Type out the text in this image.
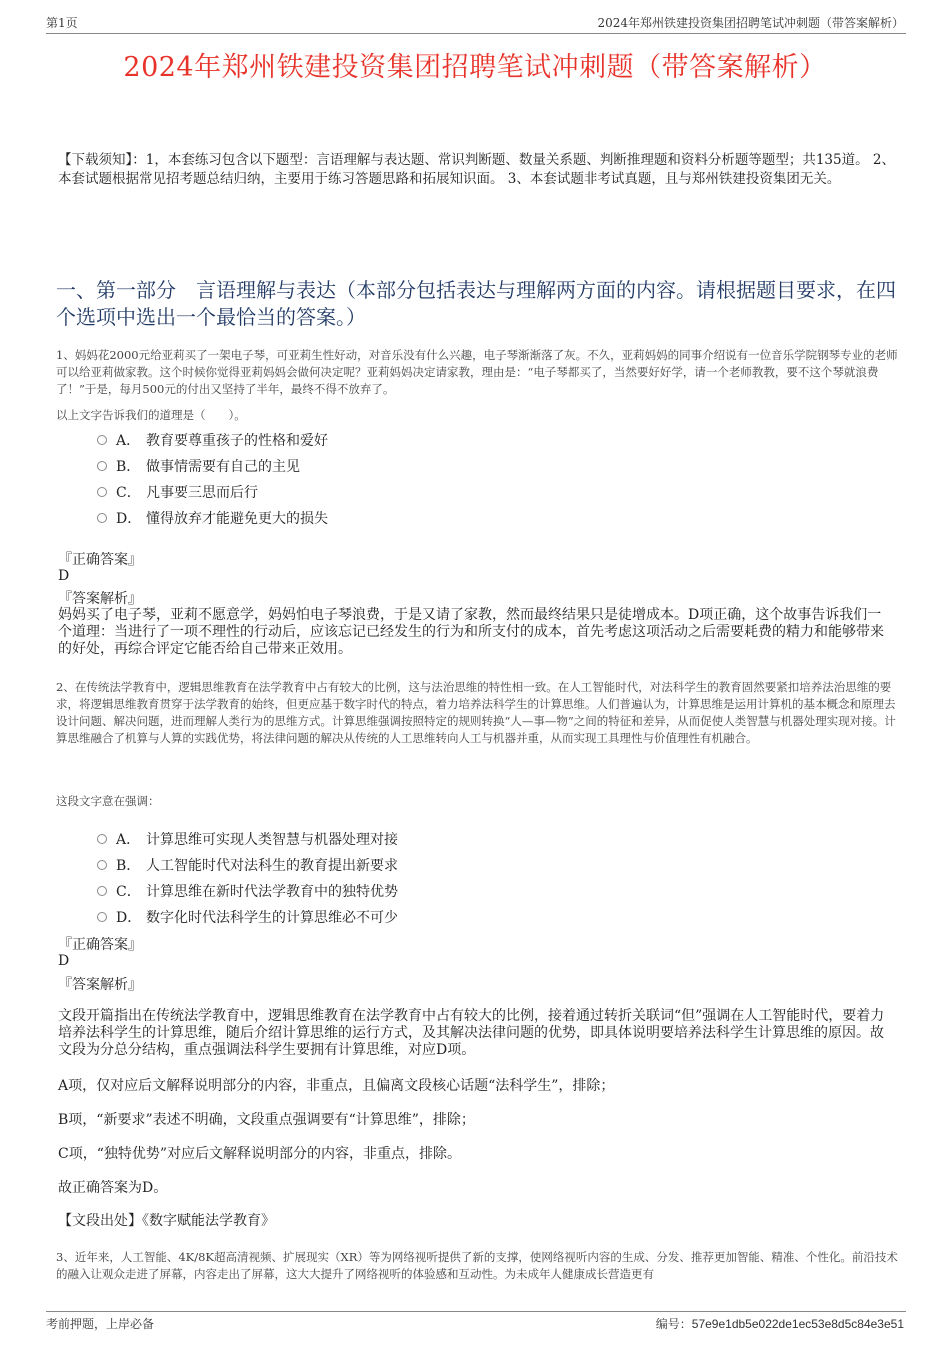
第1页	2024年郑州铁建投资集团招聘笔试冲刺题（带答案解析）
2024年郑州铁建投资集团招聘笔试冲刺题（带答案解析）
【下载须知】：1，本套练习包含以下题型：言语理解与表达题、常识判断题、数量关系题、判断推理题和资料分析题等题型；共135道。 2、本套试题根据常见招考题总结归纳，主要用于练习答题思路和拓展知识面。 3、本套试题非考试真题，且与郑州铁建投资集团无关。
一、第一部分　言语理解与表达（本部分包括表达与理解两方面的内容。请根据题目要求，在四个选项中选出一个最恰当的答案。）
1、妈妈花2000元给亚莉买了一架电子琴，可亚莉生性好动，对音乐没有什么兴趣，电子琴渐渐落了灰。不久，亚莉妈妈的同事介绍说有一位音乐学院钢琴专业的老师可以给亚莉做家教。这个时候你觉得亚莉妈妈会做何决定呢？亚莉妈妈决定请家教，理由是：“电子琴都买了，当然要好好学，请一个老师教教，要不这个琴就浪费了！”于是，每月500元的付出又坚持了半年，最终不得不放弃了。
以上文字告诉我们的道理是（　　）。
A． 教育要尊重孩子的性格和爱好
B． 做事情需要有自己的主见
C． 凡事要三思而后行
D． 懂得放弃才能避免更大的损失
『正确答案』
D
『答案解析』
妈妈买了电子琴，亚莉不愿意学，妈妈怕电子琴浪费，于是又请了家教，然而最终结果只是徒增成本。D项正确，这个故事告诉我们一个道理：当进行了一项不理性的行动后，应该忘记已经发生的行为和所支付的成本，首先考虑这项活动之后需要耗费的精力和能够带来的好处，再综合评定它能否给自己带来正效用。
2、在传统法学教育中，逻辑思维教育在法学教育中占有较大的比例，这与法治思维的特性相一致。在人工智能时代，对法科学生的教育固然要紧扣培养法治思维的要求，将逻辑思维教育贯穿于法学教育的始终，但更应基于数字时代的特点，着力培养法科学生的计算思维。人们普遍认为，计算思维是运用计算机的基本概念和原理去设计问题、解决问题，进而理解人类行为的思维方式。计算思维强调按照特定的规则转换“人—事—物”之间的特征和差异，从而促使人类智慧与机器处理实现对接。计算思维融合了机算与人算的实践优势，将法律问题的解决从传统的人工思维转向人工与机器并重，从而实现工具理性与价值理性有机融合。
这段文字意在强调：
A． 计算思维可实现人类智慧与机器处理对接
B． 人工智能时代对法科生的教育提出新要求
C． 计算思维在新时代法学教育中的独特优势
D． 数字化时代法科学生的计算思维必不可少
『正确答案』
D
『答案解析』
文段开篇指出在传统法学教育中，逻辑思维教育在法学教育中占有较大的比例，接着通过转折关联词“但”强调在人工智能时代，要着力培养法科学生的计算思维，随后介绍计算思维的运行方式，及其解决法律问题的优势，即具体说明要培养法科学生计算思维的原因。故文段为分总分结构，重点强调法科学生要拥有计算思维，对应D项。
A项，仅对应后文解释说明部分的内容，非重点，且偏离文段核心话题“法科学生”，排除；
B项，“新要求”表述不明确，文段重点强调要有“计算思维”，排除；
C项，“独特优势”对应后文解释说明部分的内容，非重点，排除。
故正确答案为D。
【文段出处】《数字赋能法学教育》
3、近年来，人工智能、4K/8K超高清视频、扩展现实（XR）等为网络视听提供了新的支撑，使网络视听内容的生成、分发、推荐更加智能、精准、个性化。前沿技术的融入让观众走进了屏幕，内容走出了屏幕，这大大提升了网络视听的体验感和互动性。为未成年人健康成长营造更有
考前押题，上岸必备	编号：57e9e1db5e022de1ec53e8d5c84e3e51
